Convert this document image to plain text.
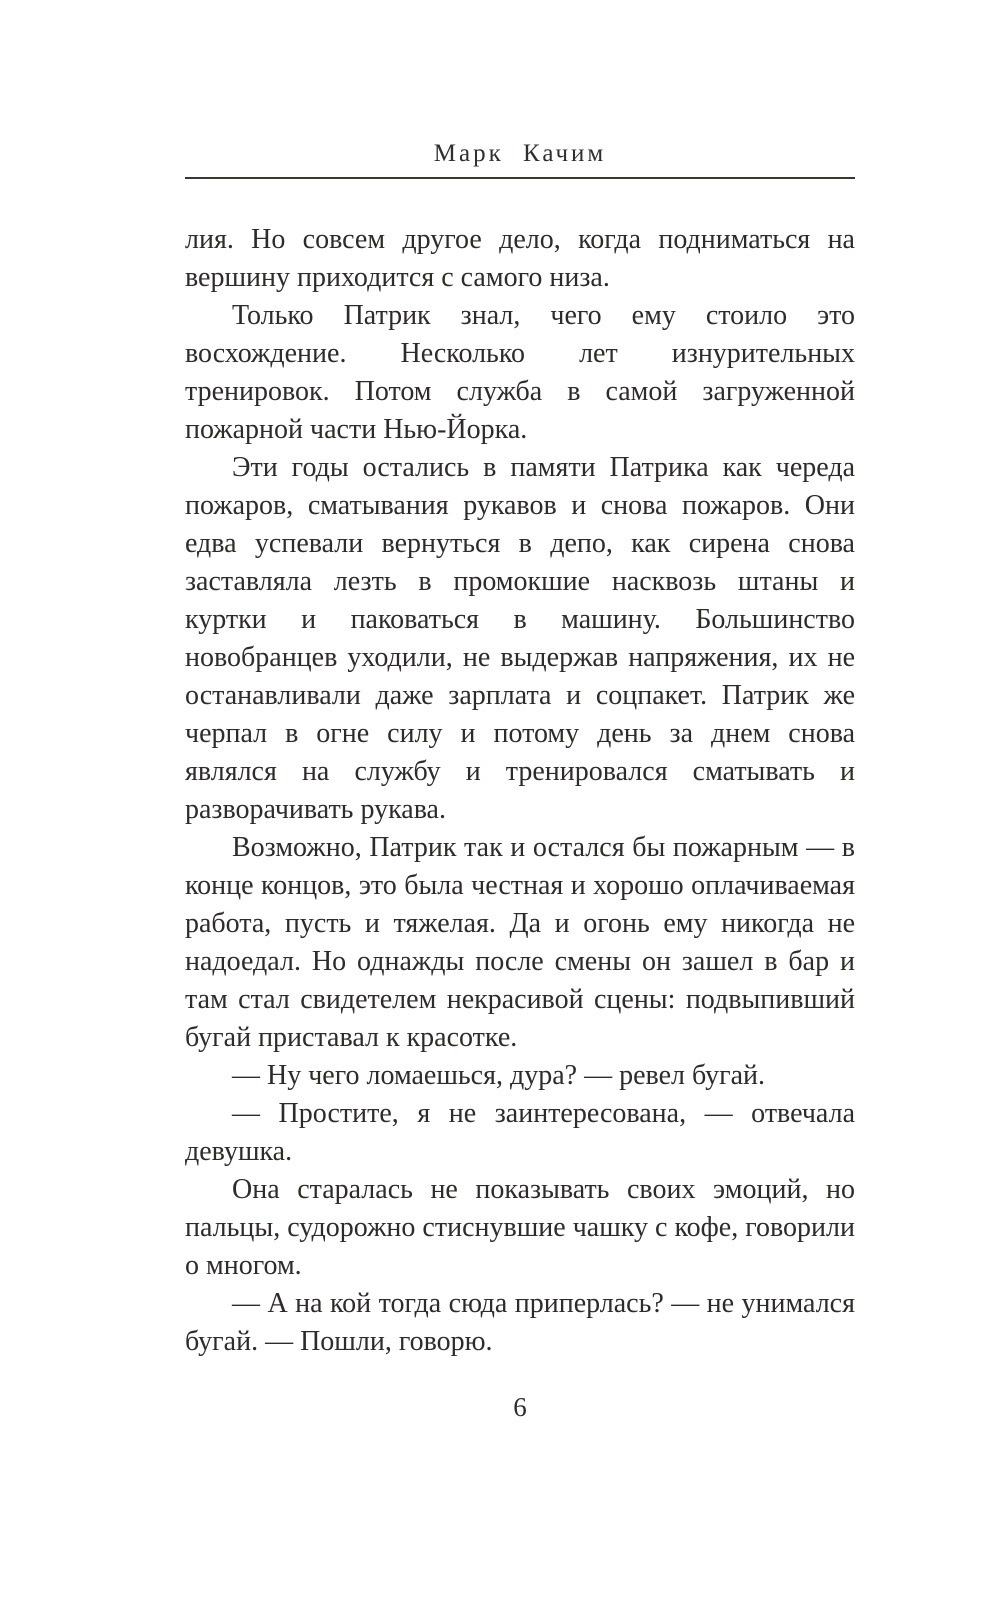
Марк Качим

лия. Но совсем другое дело, когда подниматься на вершину приходится с самого низа.

Только Патрик знал, чего ему стоило это восхождение. Несколько лет изнурительных тренировок. Потом служба в самой загруженной пожарной части Нью-Йорка.

Эти годы остались в памяти Патрика как череда пожаров, сматывания рукавов и снова пожаров. Они едва успевали вернуться в депо, как сирена снова заставляла лезть в промокшие насквозь штаны и куртки и паковаться в машину. Большинство новобранцев уходили, не выдержав напряжения, их не останавливали даже зарплата и соцпакет. Патрик же черпал в огне силу и потому день за днем снова являлся на службу и тренировался сматывать и разворачивать рукава.

Возможно, Патрик так и остался бы пожарным — в конце концов, это была честная и хорошо оплачиваемая работа, пусть и тяжелая. Да и огонь ему никогда не надоедал. Но однажды после смены он зашел в бар и там стал свидетелем некрасивой сцены: подвыпивший бугай приставал к красотке.

— Ну чего ломаешься, дура? — ревел бугай.

— Простите, я не заинтересована, — отвечала девушка.

Она старалась не показывать своих эмоций, но пальцы, судорожно стиснувшие чашку с кофе, говорили о многом.

— А на кой тогда сюда приперлась? — не унимался бугай. — Пошли, говорю.

6
